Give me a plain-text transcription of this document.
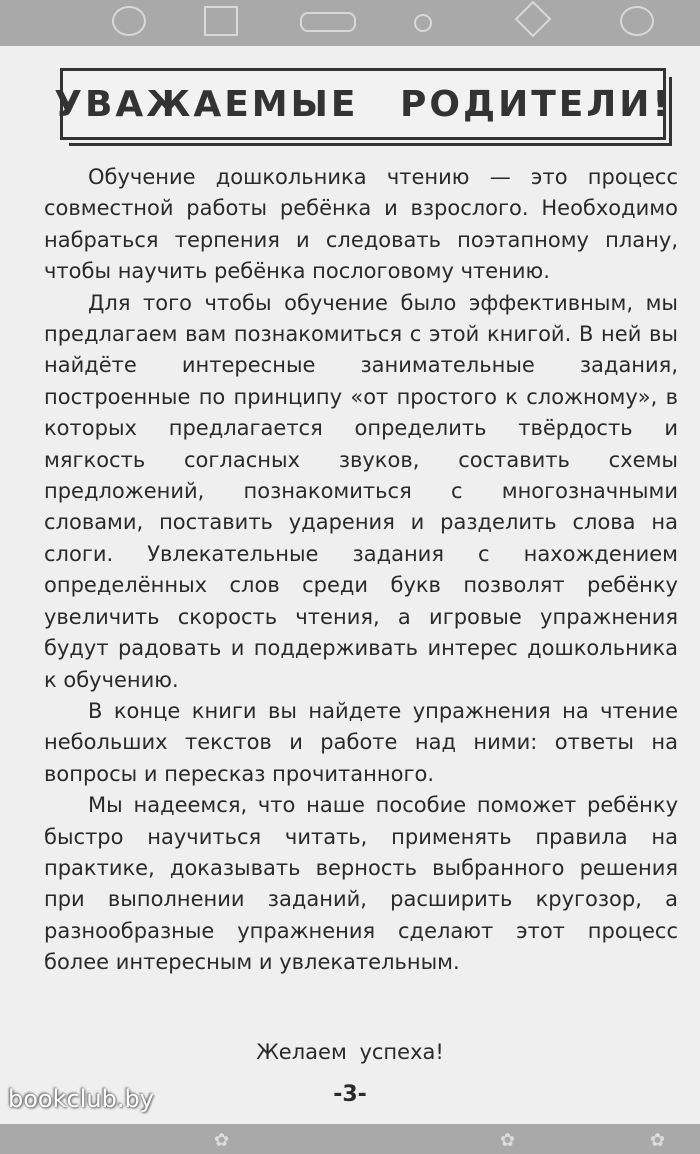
УВАЖАЕМЫЕ РОДИТЕЛИ!

Обучение дошкольника чтению — это процесс совместной работы ребёнка и взрослого. Необходимо набраться терпения и следовать поэтапному плану, чтобы научить ребёнка послоговому чтению.

Для того чтобы обучение было эффективным, мы предлагаем вам познакомиться с этой книгой. В ней вы найдёте интересные занимательные задания, построенные по принципу «от простого к сложному», в которых предлагается определить твёрдость и мягкость согласных звуков, составить схемы предложений, познакомиться с многозначными словами, поставить ударения и разделить слова на слоги. Увлекательные задания с нахождением определённых слов среди букв позволят ребёнку увеличить скорость чтения, а игровые упражнения будут радовать и поддерживать интерес дошкольника к обучению.

В конце книги вы найдете упражнения на чтение небольших текстов и работе над ними: ответы на вопросы и пересказ прочитанного.

Мы надеемся, что наше пособие поможет ребёнку быстро научиться читать, применять правила на практике, доказывать верность выбранного решения при выполнении заданий, расширить кругозор, а разнообразные упражнения сделают этот процесс более интересным и увлекательным.

Желаем успеха!
-3-
bookclub.by
✿	✿	✿
